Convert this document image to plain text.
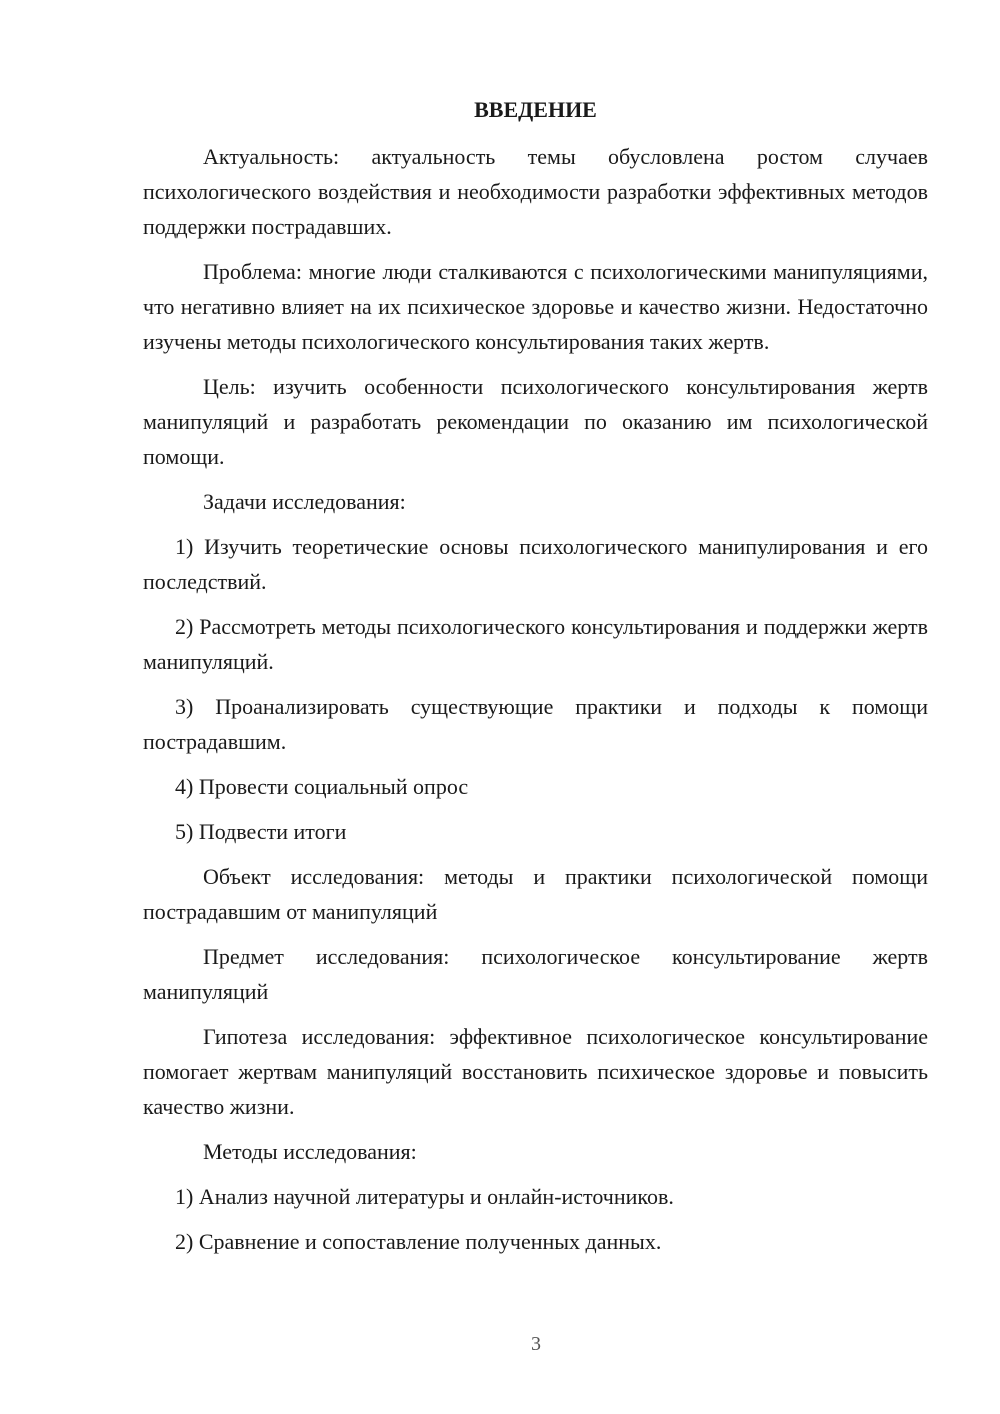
ВВЕДЕНИЕ

Актуальность: актуальность темы обусловлена ростом случаев психологического воздействия и необходимости разработки эффективных методов поддержки пострадавших.

Проблема: многие люди сталкиваются с психологическими манипуляциями, что негативно влияет на их психическое здоровье и качество жизни. Недостаточно изучены методы психологического консультирования таких жертв.

Цель: изучить особенности психологического консультирования жертв манипуляций и разработать рекомендации по оказанию им психологической помощи.

Задачи исследования:

1) Изучить теоретические основы психологического манипулирования и его последствий.

2) Рассмотреть методы психологического консультирования и поддержки жертв манипуляций.

3) Проанализировать существующие практики и подходы к помощи пострадавшим.

4) Провести социальный опрос

5) Подвести итоги

Объект исследования: методы и практики психологической помощи пострадавшим от манипуляций

Предмет исследования: психологическое консультирование жертв манипуляций

Гипотеза исследования: эффективное психологическое консультирование помогает жертвам манипуляций восстановить психическое здоровье и повысить качество жизни.

Методы исследования:

1) Анализ научной литературы и онлайн-источников.

2) Сравнение и сопоставление полученных данных.

3
